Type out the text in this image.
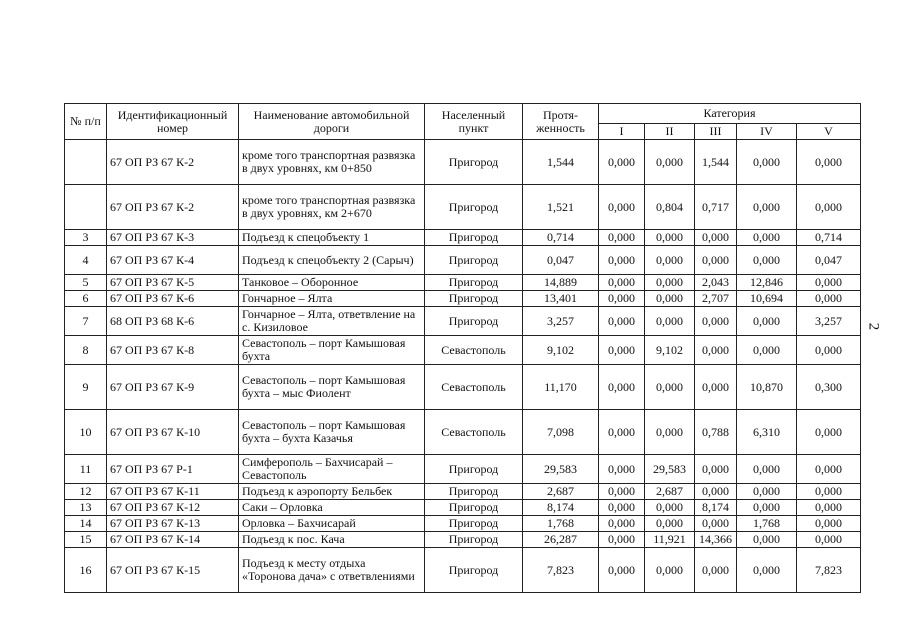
2
№ п/п	Идентификационный номер	Наименование автомобильной дороги	Населенный пункт	Протя-женность	Категория				
					I	II	III	IV	V
	67 ОП РЗ 67 К-2	кроме того транспортная развязка в двух уровнях, км 0+850	Пригород	1,544	0,000	0,000	1,544	0,000	0,000
	67 ОП РЗ 67 К-2	кроме того транспортная развязка в двух уровнях, км 2+670	Пригород	1,521	0,000	0,804	0,717	0,000	0,000
3	67 ОП РЗ 67 К-3	Подъезд к спецобъекту 1	Пригород	0,714	0,000	0,000	0,000	0,000	0,714
4	67 ОП РЗ 67 К-4	Подъезд к спецобъекту 2 (Сарыч)	Пригород	0,047	0,000	0,000	0,000	0,000	0,047
5	67 ОП РЗ 67 К-5	Танковое – Оборонное	Пригород	14,889	0,000	0,000	2,043	12,846	0,000
6	67 ОП РЗ 67 К-6	Гончарное – Ялта	Пригород	13,401	0,000	0,000	2,707	10,694	0,000
7	68 ОП РЗ 68 К-6	Гончарное – Ялта, ответвление на с. Кизиловое	Пригород	3,257	0,000	0,000	0,000	0,000	3,257
8	67 ОП РЗ 67 К-8	Севастополь – порт Камышовая бухта	Севастополь	9,102	0,000	9,102	0,000	0,000	0,000
9	67 ОП РЗ 67 К-9	Севастополь – порт Камышовая бухта – мыс Фиолент	Севастополь	11,170	0,000	0,000	0,000	10,870	0,300
10	67 ОП РЗ 67 К-10	Севастополь – порт Камышовая бухта – бухта Казачья	Севастополь	7,098	0,000	0,000	0,788	6,310	0,000
11	67 ОП РЗ 67 Р-1	Симферополь – Бахчисарай – Севастополь	Пригород	29,583	0,000	29,583	0,000	0,000	0,000
12	67 ОП РЗ 67 К-11	Подъезд к аэропорту Бельбек	Пригород	2,687	0,000	2,687	0,000	0,000	0,000
13	67 ОП РЗ 67 К-12	Саки – Орловка	Пригород	8,174	0,000	0,000	8,174	0,000	0,000
14	67 ОП РЗ 67 К-13	Орловка – Бахчисарай	Пригород	1,768	0,000	0,000	0,000	1,768	0,000
15	67 ОП РЗ 67 К-14	Подъезд к пос. Кача	Пригород	26,287	0,000	11,921	14,366	0,000	0,000
16	67 ОП РЗ 67 К-15	Подъезд к месту отдыха «Торонова дача» с ответвлениями	Пригород	7,823	0,000	0,000	0,000	0,000	7,823
